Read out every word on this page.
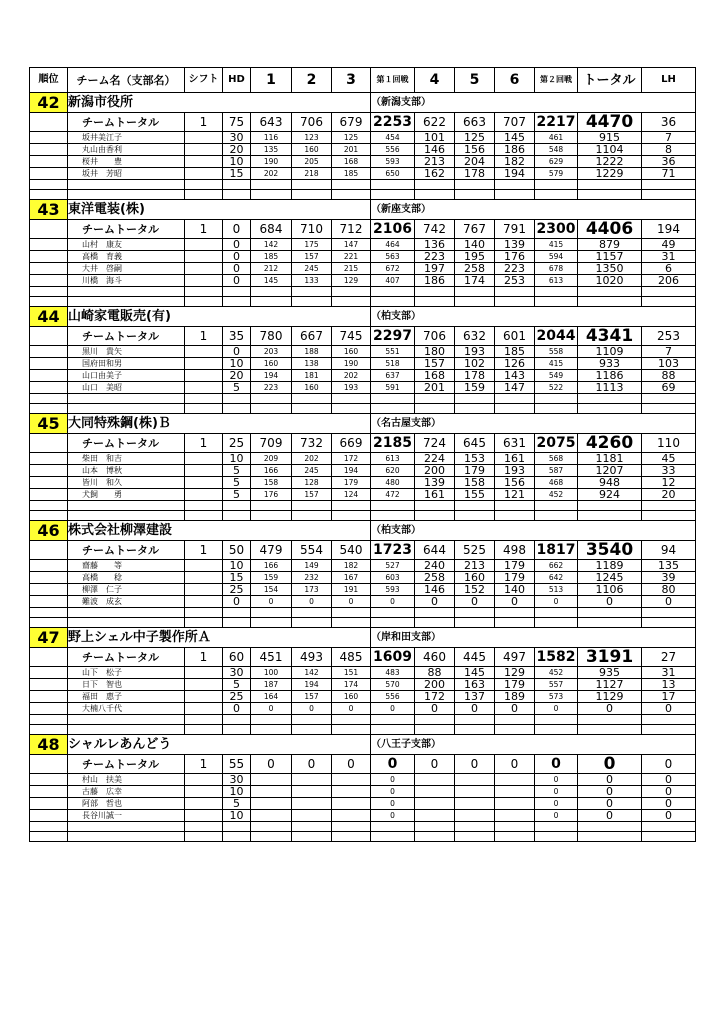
順位	チーム名（支部名）	シフト	HD	1	2	3	第１回戦	4	5	6	第２回戦	トータル	LH
42	新潟市役所						（新潟支部）						
	チームトータル	1	75	643	706	679	2253	622	663	707	2217	4470	36
	坂井美江子		30	116	123	125	454	101	125	145	461	915	7
	丸山由香利		20	135	160	201	556	146	156	186	548	1104	8
	桜井　　豊		10	190	205	168	593	213	204	182	629	1222	36
	坂井　芳昭		15	202	218	185	650	162	178	194	579	1229	71

43	東洋電装(株)						（新座支部）						
	チームトータル	1	0	684	710	712	2106	742	767	791	2300	4406	194
	山村　康友		0	142	175	147	464	136	140	139	415	879	49
	高橋　育義		0	185	157	221	563	223	195	176	594	1157	31
	大井　啓嗣		0	212	245	215	672	197	258	223	678	1350	6
	川橋　海斗		0	145	133	129	407	186	174	253	613	1020	206

44	山崎家電販売(有)						（柏支部）						
	チームトータル	1	35	780	667	745	2297	706	632	601	2044	4341	253
	黒川　貴矢		0	203	188	160	551	180	193	185	558	1109	7
	国府田和男		10	160	138	190	518	157	102	126	415	933	103
	山口由美子		20	194	181	202	637	168	178	143	549	1186	88
	山口　美昭		5	223	160	193	591	201	159	147	522	1113	69

45	大同特殊鋼(株)Ｂ						（名古屋支部）						
	チームトータル	1	25	709	732	669	2185	724	645	631	2075	4260	110
	柴田　和吉		10	209	202	172	613	224	153	161	568	1181	45
	山本　博秋		5	166	245	194	620	200	179	193	587	1207	33
	皆川　和久		5	158	128	179	480	139	158	156	468	948	12
	犬飼　　勇		5	176	157	124	472	161	155	121	452	924	20

46	株式会社柳澤建設						（柏支部）						
	チームトータル	1	50	479	554	540	1723	644	525	498	1817	3540	94
	齋藤　　等		10	166	149	182	527	240	213	179	662	1189	135
	高橋　　稔		15	159	232	167	603	258	160	179	642	1245	39
	柳澤　仁子		25	154	173	191	593	146	152	140	513	1106	80
	難波　成玄		0	0	0	0	0	0	0	0	0	0	0

47	野上シェル中子製作所Ａ						（岸和田支部）						
	チームトータル	1	60	451	493	485	1609	460	445	497	1582	3191	27
	山下　松子		30	100	142	151	483	88	145	129	452	935	31
	日下　智也		5	187	194	174	570	200	163	179	557	1127	13
	福田　惠子		25	164	157	160	556	172	137	189	573	1129	17
	大楠八千代		0	0	0	0	0	0	0	0	0	0	0

48	シャルレあんどう						（八王子支部）						
	チームトータル	1	55	0	0	0	0	0	0	0	0	0	0
	村山　扶美		30				0				0	0	0
	古藤　広幸		10				0				0	0	0
	阿部　哲也		5				0				0	0	0
	長谷川誠一		10				0				0	0	0
